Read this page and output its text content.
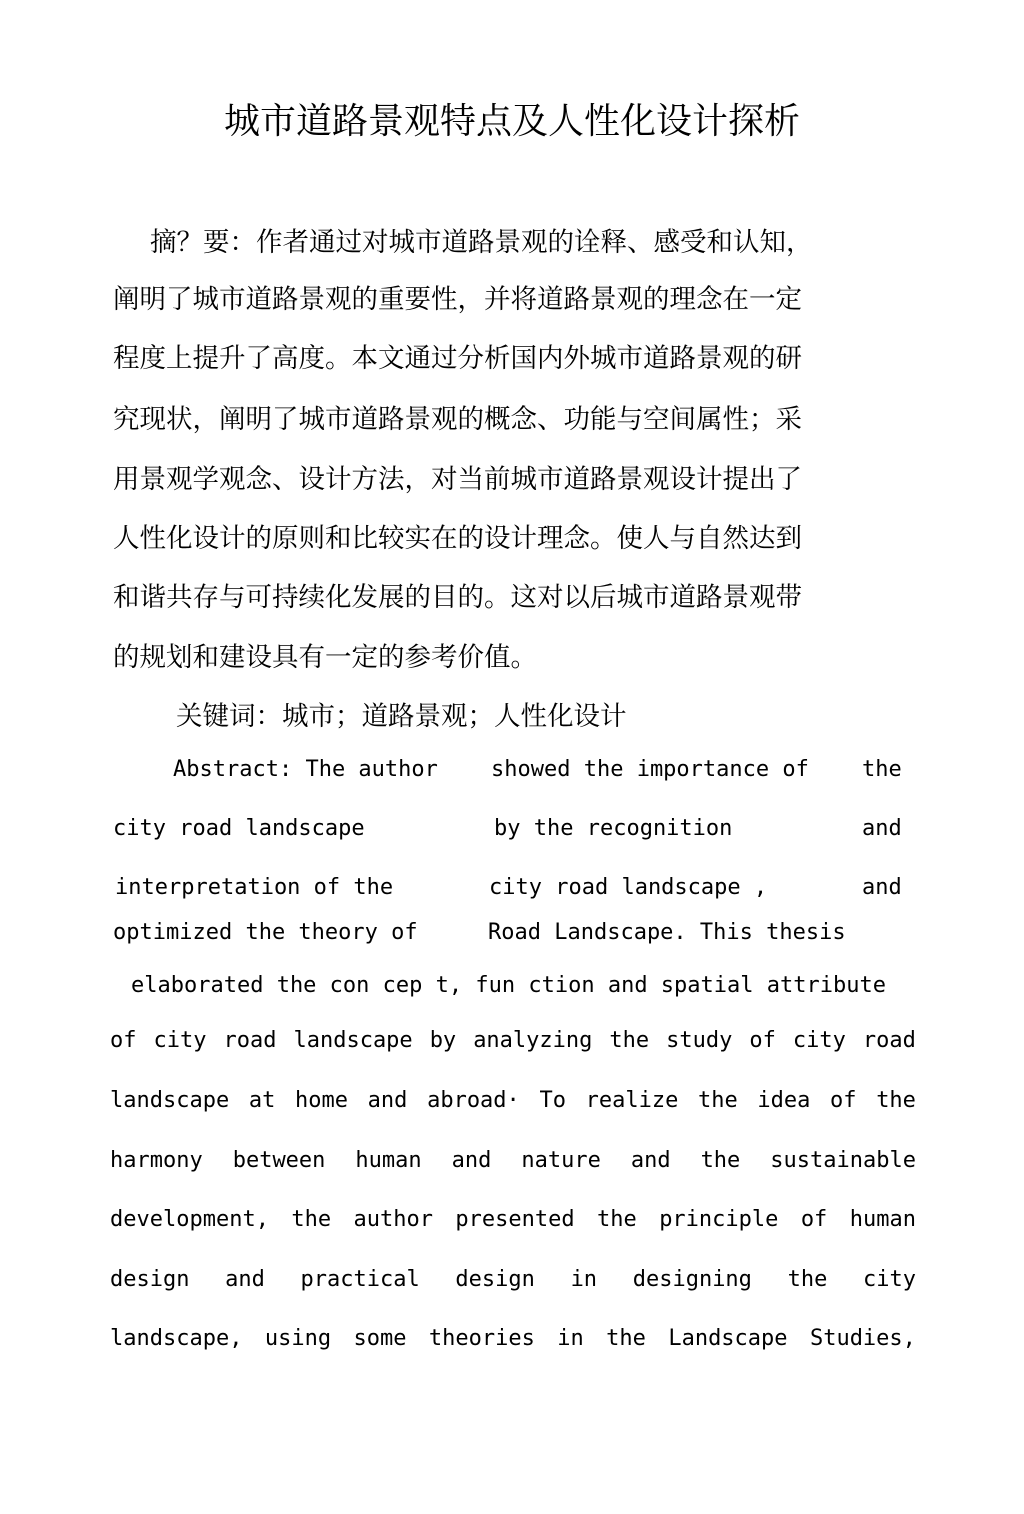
城市道路景观特点及人性化设计探析
摘？要：作者通过对城市道路景观的诠释、感受和认知，
阐明了城市道路景观的重要性，并将道路景观的理念在一定
程度上提升了高度。本文通过分析国内外城市道路景观的研
究现状，阐明了城市道路景观的概念、功能与空间属性；采
用景观学观念、设计方法，对当前城市道路景观设计提出了
人性化设计的原则和比较实在的设计理念。使人与自然达到
和谐共存与可持续化发展的目的。这对以后城市道路景观带
的规划和建设具有一定的参考价值。
关键词：城市；道路景观；人性化设计
Abstract: The author showed the importance of the
city road landscape	by the recognition	and
interpretation of the	city road landscape ,	and
optimized the theory of	Road Landscape. This thesis
elaborated the con cep t, fun ction and spatial attribute
of city road landscape by analyzing the study of city road
landscape at home and abroad· To realize the idea of the
harmony between human and nature and the sustainable
development, the author presented the principle of human
design and practical design in designing the city
landscape, using some theories in the Landscape Studies,
